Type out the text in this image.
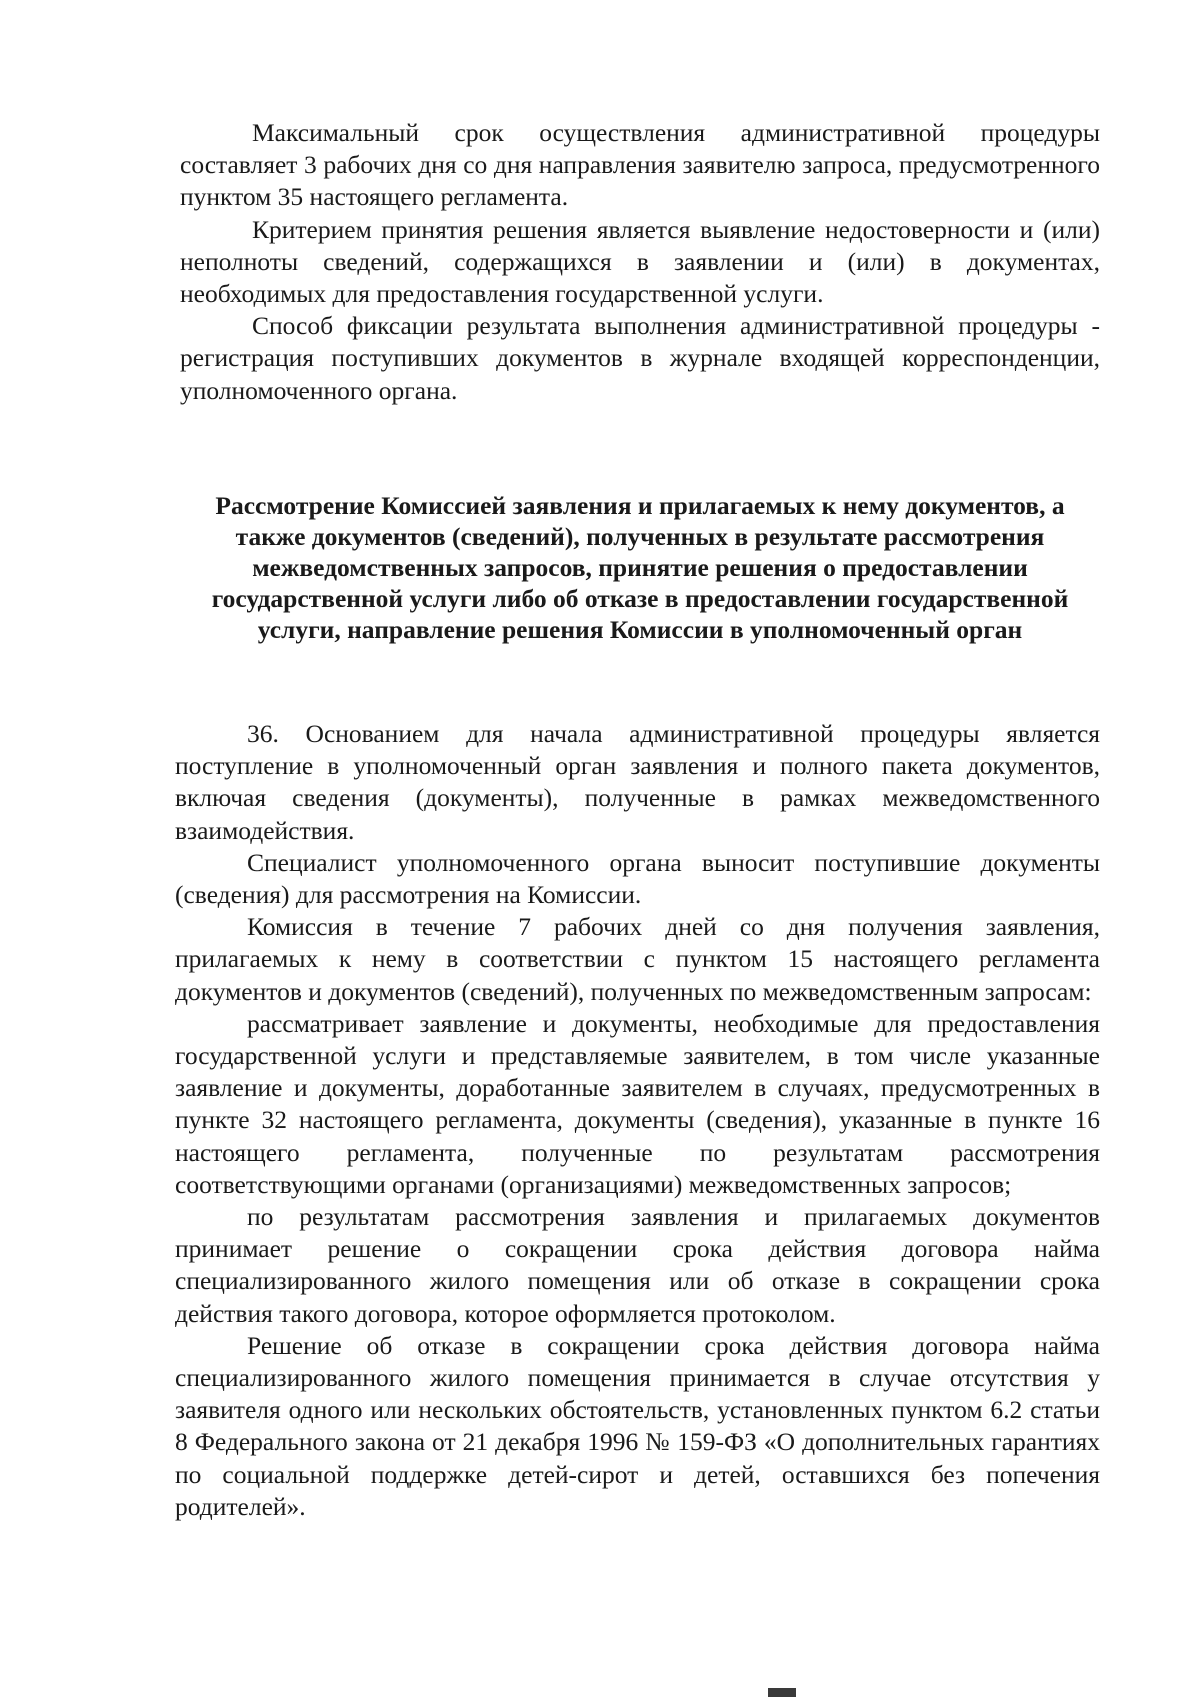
Максимальный срок осуществления административной процедуры составляет 3 рабочих дня со дня направления заявителю запроса, предусмотренного пунктом 35 настоящего регламента.

Критерием принятия решения является выявление недостоверности и (или) неполноты сведений, содержащихся в заявлении и (или) в документах, необходимых для предоставления государственной услуги.

Способ фиксации результата выполнения административной процедуры - регистрация поступивших документов в журнале входящей корреспонденции, уполномоченного органа.

Рассмотрение Комиссией заявления и прилагаемых к нему документов, а также документов (сведений), полученных в результате рассмотрения межведомственных запросов, принятие решения о предоставлении государственной услуги либо об отказе в предоставлении государственной услуги, направление решения Комиссии в уполномоченный орган

36. Основанием для начала административной процедуры является поступление в уполномоченный орган заявления и полного пакета документов, включая сведения (документы), полученные в рамках межведомственного взаимодействия.

Специалист уполномоченного органа выносит поступившие документы (сведения) для рассмотрения на Комиссии.

Комиссия в течение 7 рабочих дней со дня получения заявления, прилагаемых к нему в соответствии с пунктом 15 настоящего регламента документов и документов (сведений), полученных по межведомственным запросам:

рассматривает заявление и документы, необходимые для предоставления государственной услуги и представляемые заявителем, в том числе указанные заявление и документы, доработанные заявителем в случаях, предусмотренных в пункте 32 настоящего регламента, документы (сведения), указанные в пункте 16 настоящего регламента, полученные по результатам рассмотрения соответствующими органами (организациями) межведомственных запросов;

по результатам рассмотрения заявления и прилагаемых документов принимает решение о сокращении срока действия договора найма специализированного жилого помещения или об отказе в сокращении срока действия такого договора, которое оформляется протоколом.

Решение об отказе в сокращении срока действия договора найма специализированного жилого помещения принимается в случае отсутствия у заявителя одного или нескольких обстоятельств, установленных пунктом 6.2 статьи 8 Федерального закона от 21 декабря 1996 № 159-ФЗ «О дополнительных гарантиях по социальной поддержке детей-сирот и детей, оставшихся без попечения родителей».
